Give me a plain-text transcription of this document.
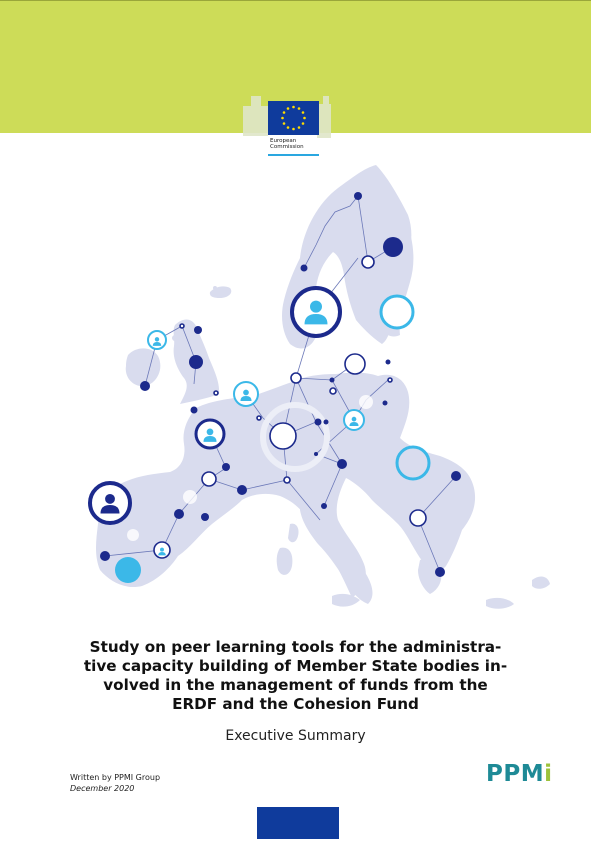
European
Commission
Study on peer learning tools for the administra-
tive capacity building of Member State bodies in-
volved in the management of funds from the
ERDF and the Cohesion Fund
Executive Summary
Written by PPMI Group
December 2020
PPMi
